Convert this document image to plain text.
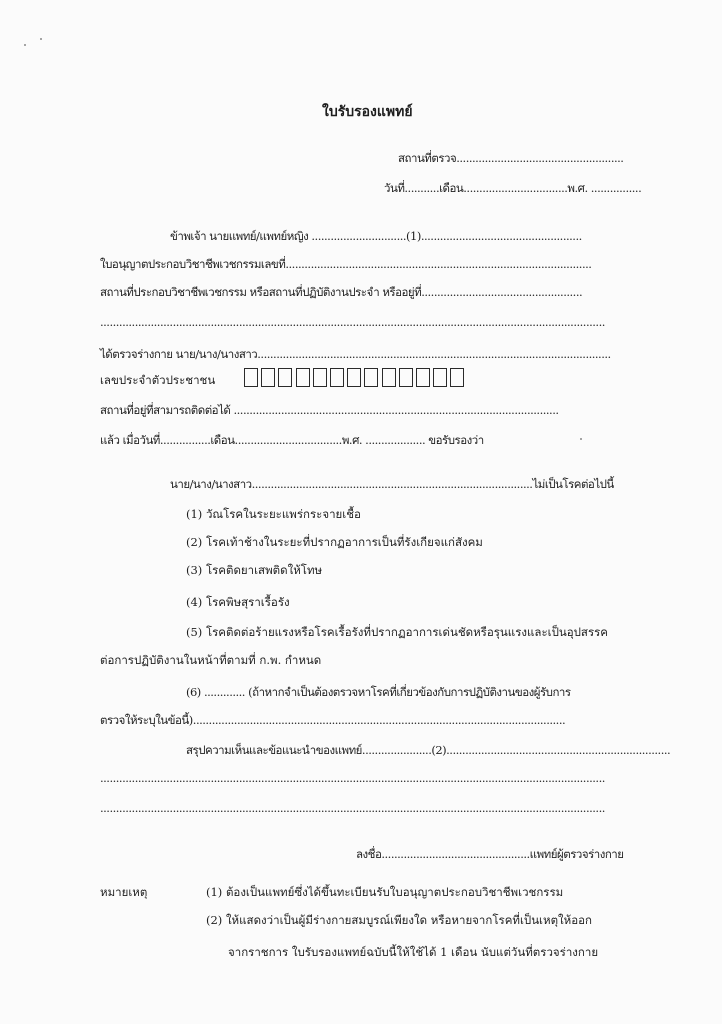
ใบรับรองแพทย์
สถานที่ตรวจ.....................................................
วันที่...........เดือน.................................พ.ศ. ................
ข้าพเจ้า นายแพทย์/แพทย์หญิง ..............................(1)...................................................
ใบอนุญาตประกอบวิชาชีพเวชกรรมเลขที่.................................................................................................
สถานที่ประกอบวิชาชีพเวชกรรม หรือสถานที่ปฏิบัติงานประจำ หรืออยู่ที่...................................................
................................................................................................................................................................
ได้ตรวจร่างกาย นาย/นาง/นางสาว................................................................................................................
เลขประจำตัวประชาชน
สถานที่อยู่ที่สามารถติดต่อได้ .......................................................................................................
แล้ว เมื่อวันที่................เดือน..................................พ.ศ. ................... ขอรับรองว่า
นาย/นาง/นางสาว.........................................................................................ไม่เป็นโรคต่อไปนี้
(1) วัณโรคในระยะแพร่กระจายเชื้อ
(2) โรคเท้าช้างในระยะที่ปรากฏอาการเป็นที่รังเกียจแก่สังคม
(3) โรคติดยาเสพติดให้โทษ
(4) โรคพิษสุราเรื้อรัง
(5) โรคติดต่อร้ายแรงหรือโรคเรื้อรังที่ปรากฏอาการเด่นชัดหรือรุนแรงและเป็นอุปสรรค
ต่อการปฏิบัติงานในหน้าที่ตามที่ ก.พ. กำหนด
(6) ............. (ถ้าหากจำเป็นต้องตรวจหาโรคที่เกี่ยวข้องกับการปฏิบัติงานของผู้รับการ
ตรวจให้ระบุในข้อนี้)......................................................................................................................
สรุปความเห็นและข้อแนะนำของแพทย์......................(2).......................................................................
................................................................................................................................................................
................................................................................................................................................................
ลงชื่อ...............................................แพทย์ผู้ตรวจร่างกาย
หมายเหตุ	(1) ต้องเป็นแพทย์ซึ่งได้ขึ้นทะเบียนรับใบอนุญาตประกอบวิชาชีพเวชกรรม
(2) ให้แสดงว่าเป็นผู้มีร่างกายสมบูรณ์เพียงใด หรือหายจากโรคที่เป็นเหตุให้ออก
จากราชการ ใบรับรองแพทย์ฉบับนี้ให้ใช้ได้ 1 เดือน นับแต่วันที่ตรวจร่างกาย
